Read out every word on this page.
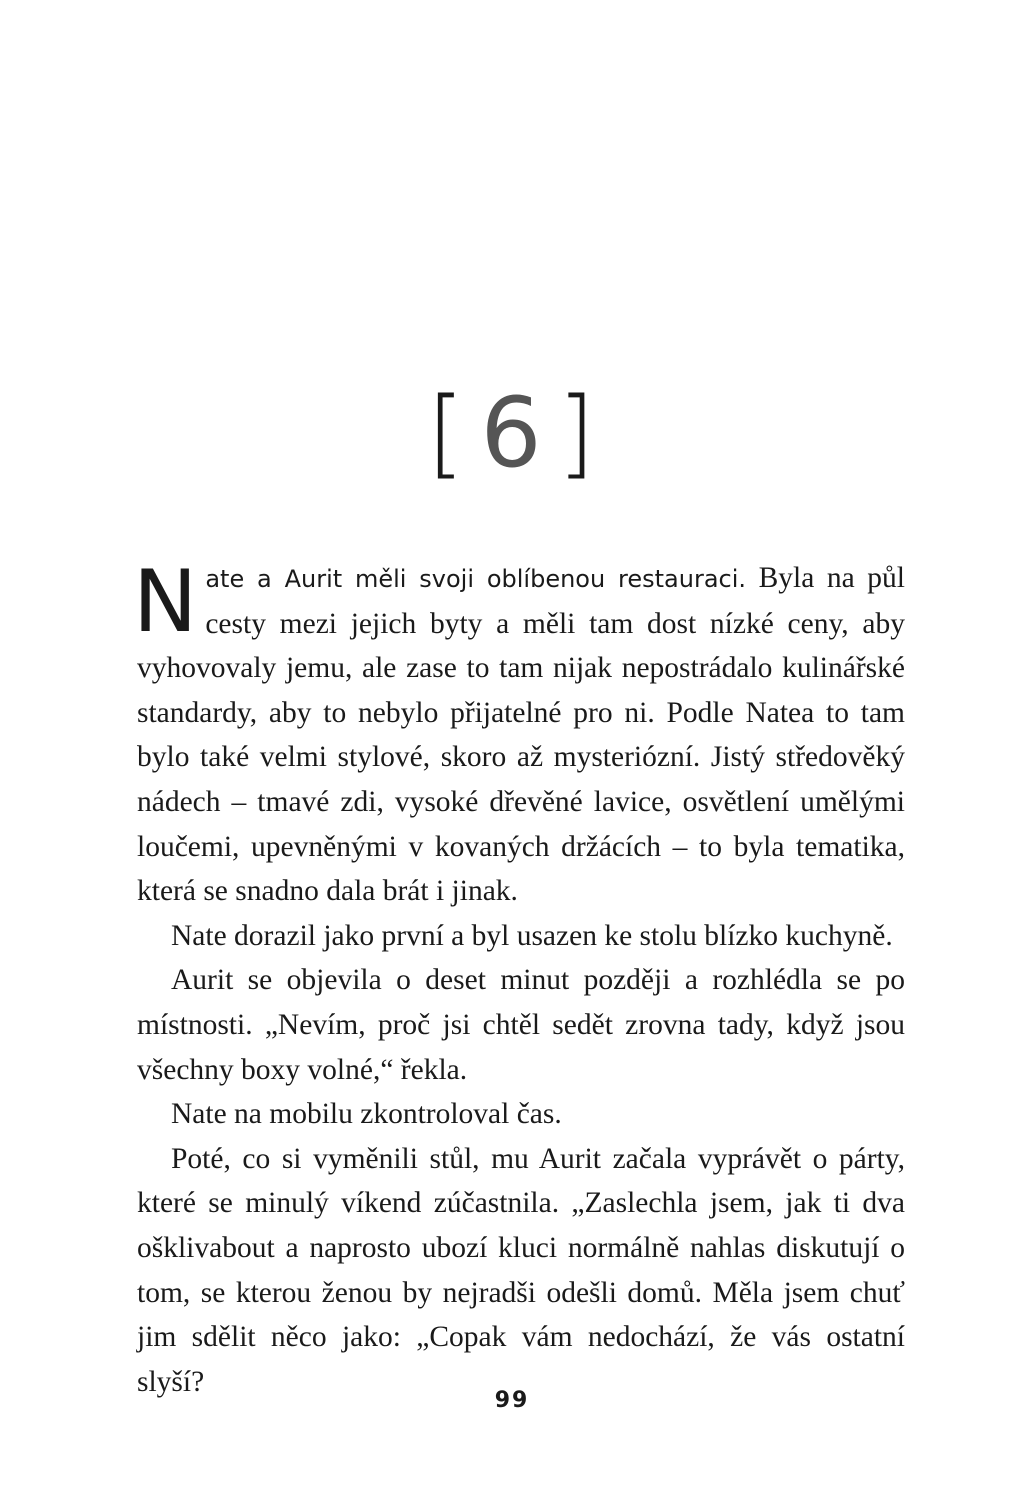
[ 6 ]

Nate a Aurit měli svoji oblíbenou restauraci. Byla na půl cesty mezi jejich byty a měli tam dost nízké ceny, aby vyhovovaly jemu, ale zase to tam nijak nepostrádalo kulinářské standardy, aby to nebylo přijatelné pro ni. Podle Natea to tam bylo také velmi stylové, skoro až mysteriózní. Jistý středověký nádech – tmavé zdi, vysoké dřevěné lavice, osvětlení umělými loučemi, upevněnými v kovaných držácích – to byla tematika, která se snadno dala brát i jinak.

Nate dorazil jako první a byl usazen ke stolu blízko kuchyně.

Aurit se objevila o deset minut později a rozhlédla se po místnosti. „Nevím, proč jsi chtěl sedět zrovna tady, když jsou všechny boxy volné,“ řekla.

Nate na mobilu zkontroloval čas.

Poté, co si vyměnili stůl, mu Aurit začala vyprávět o párty, které se minulý víkend zúčastnila. „Zaslechla jsem, jak ti dva ošklivabout a naprosto ubozí kluci normálně nahlas diskutují o tom, se kterou ženou by nejradši odešli domů. Měla jsem chuť jim sdělit něco jako: „Copak vám nedochází, že vás ostatní slyší?

99
